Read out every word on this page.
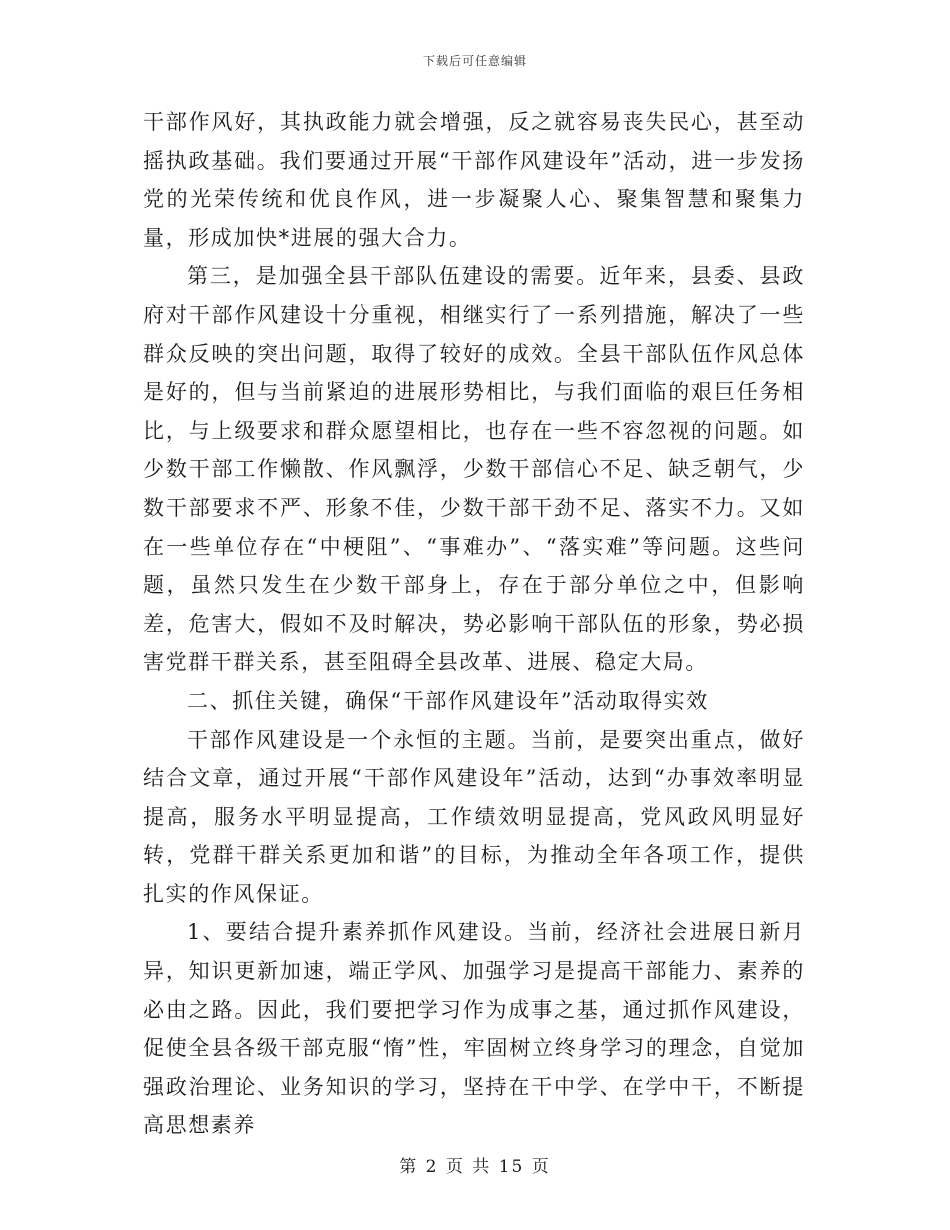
下载后可任意编辑

干部作风好，其执政能力就会增强，反之就容易丧失民心，甚至动摇执政基础。我们要通过开展“干部作风建设年”活动，进一步发扬党的光荣传统和优良作风，进一步凝聚人心、聚集智慧和聚集力量，形成加快*进展的强大合力。

第三，是加强全县干部队伍建设的需要。近年来，县委、县政府对干部作风建设十分重视，相继实行了一系列措施，解决了一些群众反映的突出问题，取得了较好的成效。全县干部队伍作风总体是好的，但与当前紧迫的进展形势相比，与我们面临的艰巨任务相比，与上级要求和群众愿望相比，也存在一些不容忽视的问题。如少数干部工作懒散、作风飘浮，少数干部信心不足、缺乏朝气，少数干部要求不严、形象不佳，少数干部干劲不足、落实不力。又如在一些单位存在“中梗阻”、“事难办”、“落实难”等问题。这些问题，虽然只发生在少数干部身上，存在于部分单位之中，但影响差，危害大，假如不及时解决，势必影响干部队伍的形象，势必损害党群干群关系，甚至阻碍全县改革、进展、稳定大局。

二、抓住关键，确保“干部作风建设年”活动取得实效

干部作风建设是一个永恒的主题。当前，是要突出重点，做好结合文章，通过开展“干部作风建设年”活动，达到“办事效率明显提高，服务水平明显提高，工作绩效明显提高，党风政风明显好转，党群干群关系更加和谐”的目标，为推动全年各项工作，提供扎实的作风保证。

1、要结合提升素养抓作风建设。当前，经济社会进展日新月异，知识更新加速，端正学风、加强学习是提高干部能力、素养的必由之路。因此，我们要把学习作为成事之基，通过抓作风建设，促使全县各级干部克服“惰”性，牢固树立终身学习的理念，自觉加强政治理论、业务知识的学习，坚持在干中学、在学中干，不断提高思想素养

第 2 页 共 15 页
